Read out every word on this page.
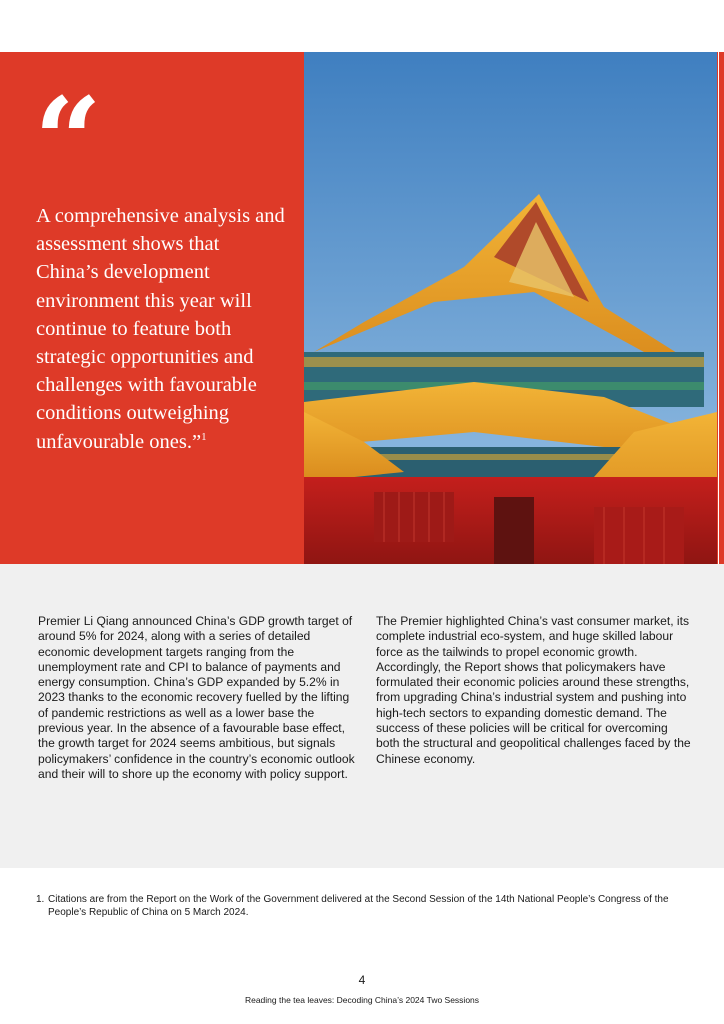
“
A comprehensive analysis and assessment shows that China’s development environment this year will continue to feature both strategic opportunities and challenges with favourable conditions outweighing unfavourable ones.”$^1$
Premier Li Qiang announced China’s GDP growth target of around 5% for 2024, along with a series of detailed economic development targets ranging from the unemployment rate and CPI to balance of payments and energy consumption. China’s GDP expanded by 5.2% in 2023 thanks to the economic recovery fuelled by the lifting of pandemic restrictions as well as a lower base the previous year. In the absence of a favourable base effect, the growth target for 2024 seems ambitious, but signals policymakers’ confidence in the country’s economic outlook and their will to shore up the economy with policy support.
The Premier highlighted China’s vast consumer market, its complete industrial eco-system, and huge skilled labour force as the tailwinds to propel economic growth. Accordingly, the Report shows that policymakers have formulated their economic policies around these strengths, from upgrading China’s industrial system and pushing into high-tech sectors to expanding domestic demand. The success of these policies will be critical for overcoming both the structural and geopolitical challenges faced by the Chinese economy.
1. Citations are from the Report on the Work of the Government delivered at the Second Session of the 14th National People’s Congress of the People’s Republic of China on 5 March 2024.
4
Reading the tea leaves: Decoding China’s 2024 Two Sessions
